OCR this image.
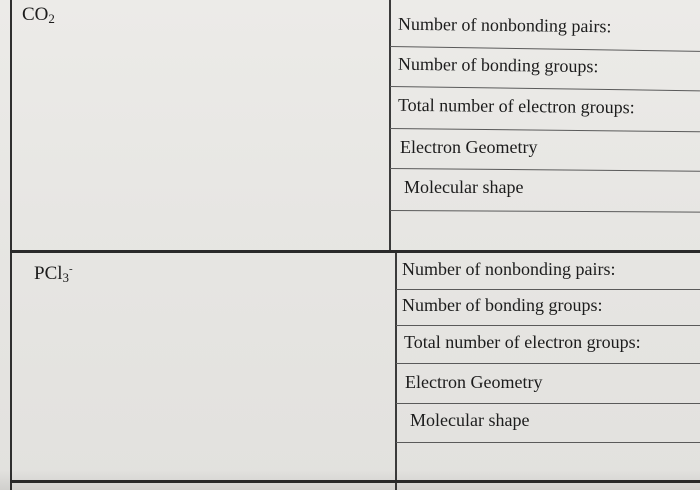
$CO_2$	Number of nonbonding pairs:
Number of bonding groups:
Total number of electron groups:
Electron Geometry
Molecular shape
PCl$_3$-	Number of nonbonding pairs:
Number of bonding groups:
Total number of electron groups:
Electron Geometry
Molecular shape
